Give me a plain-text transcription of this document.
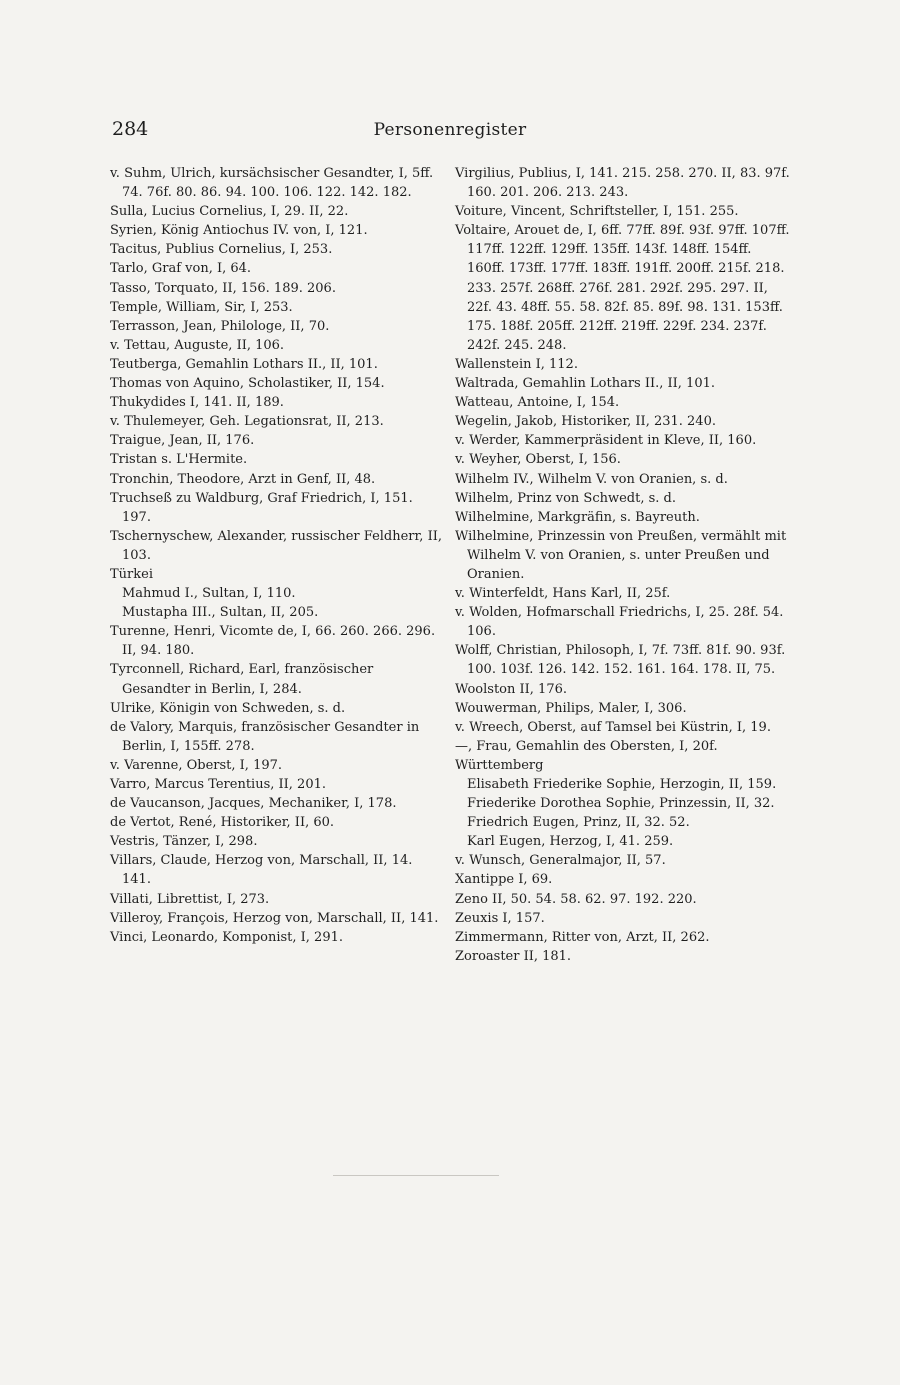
284	Personenregister
v. Suhm, Ulrich, kursächsischer Gesandter, I, 5ff. 74. 76f. 80. 86. 94. 100. 106. 122. 142. 182.
Sulla, Lucius Cornelius, I, 29. II, 22.
Syrien, König Antiochus IV. von, I, 121.
Tacitus, Publius Cornelius, I, 253.
Tarlo, Graf von, I, 64.
Tasso, Torquato, II, 156. 189. 206.
Temple, William, Sir, I, 253.
Terrasson, Jean, Philologe, II, 70.
v. Tettau, Auguste, II, 106.
Teutberga, Gemahlin Lothars II., II, 101.
Thomas von Aquino, Scholastiker, II, 154.
Thukydides I, 141. II, 189.
v. Thulemeyer, Geh. Legationsrat, II, 213.
Traigue, Jean, II, 176.
Tristan s. L'Hermite.
Tronchin, Theodore, Arzt in Genf, II, 48.
Truchseß zu Waldburg, Graf Friedrich, I, 151. 197.
Tschernyschew, Alexander, russischer Feldherr, II, 103.
Türkei
Mahmud I., Sultan, I, 110.
Mustapha III., Sultan, II, 205.
Turenne, Henri, Vicomte de, I, 66. 260. 266. 296. II, 94. 180.
Tyrconnell, Richard, Earl, französischer Gesandter in Berlin, I, 284.
Ulrike, Königin von Schweden, s. d.
de Valory, Marquis, französischer Gesandter in Berlin, I, 155ff. 278.
v. Varenne, Oberst, I, 197.
Varro, Marcus Terentius, II, 201.
de Vaucanson, Jacques, Mechaniker, I, 178.
de Vertot, René, Historiker, II, 60.
Vestris, Tänzer, I, 298.
Villars, Claude, Herzog von, Marschall, II, 14. 141.
Villati, Librettist, I, 273.
Villeroy, François, Herzog von, Marschall, II, 141.
Vinci, Leonardo, Komponist, I, 291.
Virgilius, Publius, I, 141. 215. 258. 270. II, 83. 97f. 160. 201. 206. 213. 243.
Voiture, Vincent, Schriftsteller, I, 151. 255.
Voltaire, Arouet de, I, 6ff. 77ff. 89f. 93f. 97ff. 107ff. 117ff. 122ff. 129ff. 135ff. 143f. 148ff. 154ff. 160ff. 173ff. 177ff. 183ff. 191ff. 200ff. 215f. 218. 233. 257f. 268ff. 276f. 281. 292f. 295. 297. II, 22f. 43. 48ff. 55. 58. 82f. 85. 89f. 98. 131. 153ff. 175. 188f. 205ff. 212ff. 219ff. 229f. 234. 237f. 242f. 245. 248.
Wallenstein I, 112.
Waltrada, Gemahlin Lothars II., II, 101.
Watteau, Antoine, I, 154.
Wegelin, Jakob, Historiker, II, 231. 240.
v. Werder, Kammerpräsident in Kleve, II, 160.
v. Weyher, Oberst, I, 156.
Wilhelm IV., Wilhelm V. von Oranien, s. d.
Wilhelm, Prinz von Schwedt, s. d.
Wilhelmine, Markgräfin, s. Bayreuth.
Wilhelmine, Prinzessin von Preußen, vermählt mit Wilhelm V. von Oranien, s. unter Preußen und Oranien.
v. Winterfeldt, Hans Karl, II, 25f.
v. Wolden, Hofmarschall Friedrichs, I, 25. 28f. 54. 106.
Wolff, Christian, Philosoph, I, 7f. 73ff. 81f. 90. 93f. 100. 103f. 126. 142. 152. 161. 164. 178. II, 75.
Woolston II, 176.
Wouwerman, Philips, Maler, I, 306.
v. Wreech, Oberst, auf Tamsel bei Küstrin, I, 19.
—, Frau, Gemahlin des Obersten, I, 20f.
Württemberg
Elisabeth Friederike Sophie, Herzogin, II, 159.
Friederike Dorothea Sophie, Prinzessin, II, 32.
Friedrich Eugen, Prinz, II, 32. 52.
Karl Eugen, Herzog, I, 41. 259.
v. Wunsch, Generalmajor, II, 57.
Xantippe I, 69.
Zeno II, 50. 54. 58. 62. 97. 192. 220.
Zeuxis I, 157.
Zimmermann, Ritter von, Arzt, II, 262.
Zoroaster II, 181.
